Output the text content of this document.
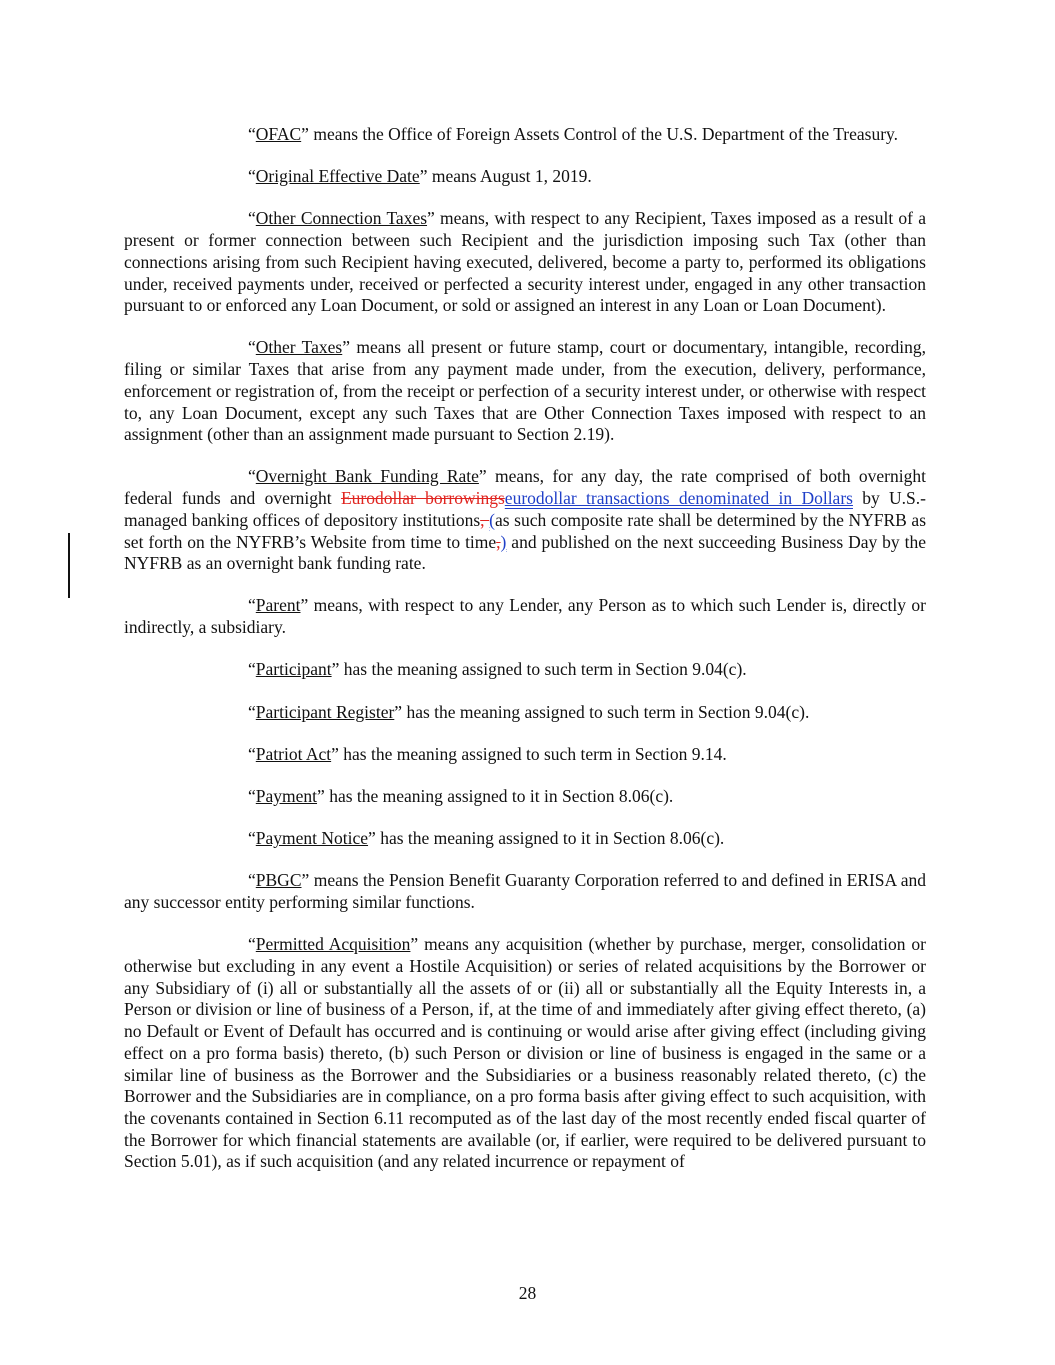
“OFAC” means the Office of Foreign Assets Control of the U.S. Department of the Treasury.

“Original Effective Date” means August 1, 2019.

“Other Connection Taxes” means, with respect to any Recipient, Taxes imposed as a result of a present or former connection between such Recipient and the jurisdiction imposing such Tax (other than connections arising from such Recipient having executed, delivered, become a party to, performed its obligations under, received payments under, received or perfected a security interest under, engaged in any other transaction pursuant to or enforced any Loan Document, or sold or assigned an interest in any Loan or Loan Document).

“Other Taxes” means all present or future stamp, court or documentary, intangible, recording, filing or similar Taxes that arise from any payment made under, from the execution, delivery, performance, enforcement or registration of, from the receipt or perfection of a security interest under, or otherwise with respect to, any Loan Document, except any such Taxes that are Other Connection Taxes imposed with respect to an assignment (other than an assignment made pursuant to Section 2.19).

“Overnight Bank Funding Rate” means, for any day, the rate comprised of both overnight federal funds and overnight Eurodollar borrowingseurodollar transactions denominated in Dollars by U.S.-managed banking offices of depository institutions, (as such composite rate shall be determined by the NYFRB as set forth on the NYFRB’s Website from time to time,) and published on the next succeeding Business Day by the NYFRB as an overnight bank funding rate.

“Parent” means, with respect to any Lender, any Person as to which such Lender is, directly or indirectly, a subsidiary.

“Participant” has the meaning assigned to such term in Section 9.04(c).

“Participant Register” has the meaning assigned to such term in Section 9.04(c).

“Patriot Act” has the meaning assigned to such term in Section 9.14.

“Payment” has the meaning assigned to it in Section 8.06(c).

“Payment Notice” has the meaning assigned to it in Section 8.06(c).

“PBGC” means the Pension Benefit Guaranty Corporation referred to and defined in ERISA and any successor entity performing similar functions.

“Permitted Acquisition” means any acquisition (whether by purchase, merger, consolidation or otherwise but excluding in any event a Hostile Acquisition) or series of related acquisitions by the Borrower or any Subsidiary of (i) all or substantially all the assets of or (ii) all or substantially all the Equity Interests in, a Person or division or line of business of a Person, if, at the time of and immediately after giving effect thereto, (a) no Default or Event of Default has occurred and is continuing or would arise after giving effect (including giving effect on a pro forma basis) thereto, (b) such Person or division or line of business is engaged in the same or a similar line of business as the Borrower and the Subsidiaries or a business reasonably related thereto, (c) the Borrower and the Subsidiaries are in compliance, on a pro forma basis after giving effect to such acquisition, with the covenants contained in Section 6.11 recomputed as of the last day of the most recently ended fiscal quarter of the Borrower for which financial statements are available (or, if earlier, were required to be delivered pursuant to Section 5.01), as if such acquisition (and any related incurrence or repayment of

28
